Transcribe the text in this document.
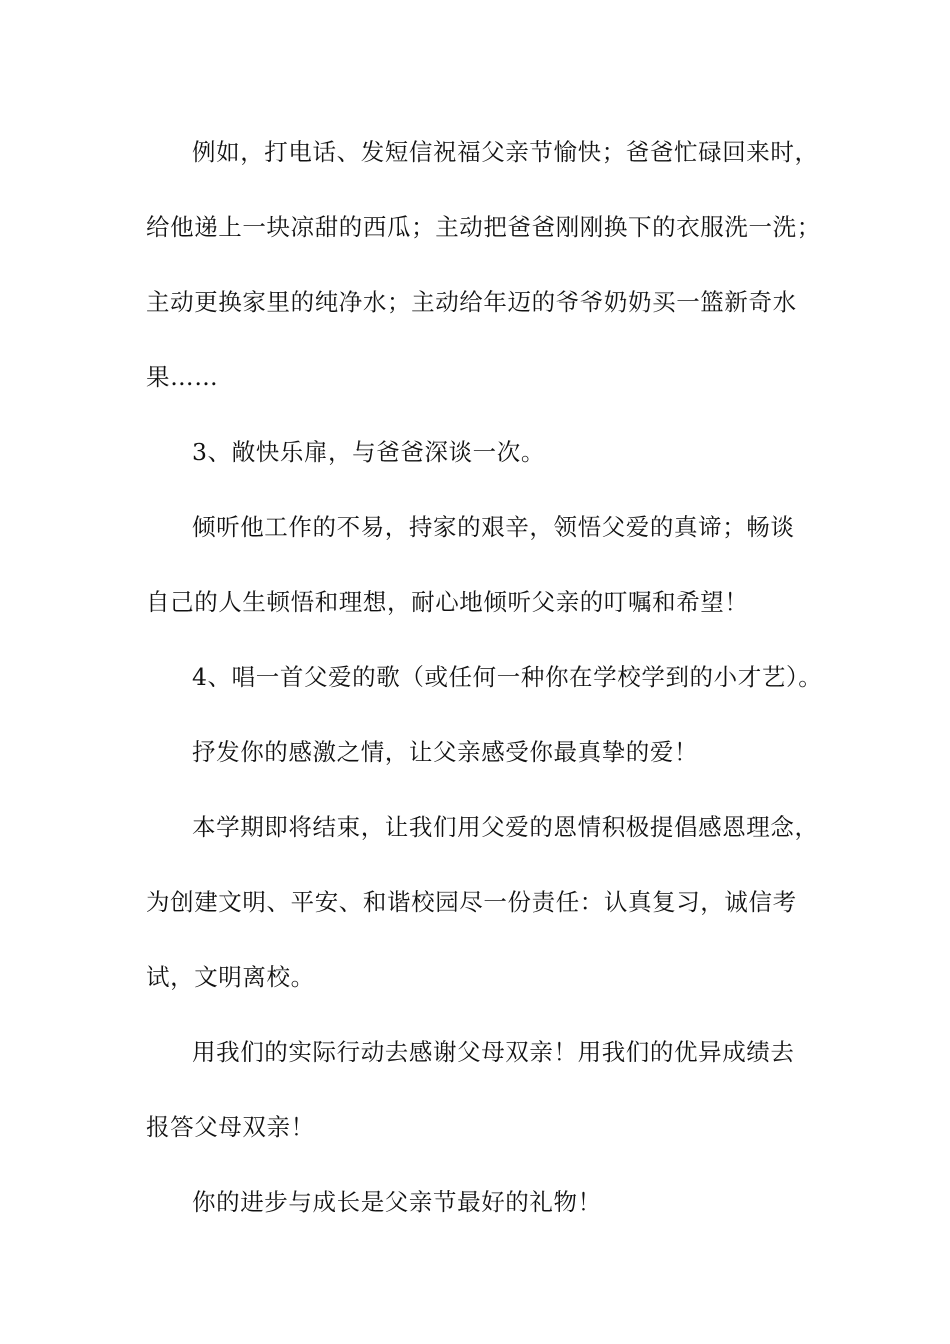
例如，打电话、发短信祝福父亲节愉快；爸爸忙碌回来时，
给他递上一块凉甜的西瓜；主动把爸爸刚刚换下的衣服洗一洗；
主动更换家里的纯净水；主动给年迈的爷爷奶奶买一篮新奇水
果……
3、敞快乐扉，与爸爸深谈一次。
倾听他工作的不易，持家的艰辛，领悟父爱的真谛；畅谈
自己的人生顿悟和理想，耐心地倾听父亲的叮嘱和希望！
4、唱一首父爱的歌（或任何一种你在学校学到的小才艺）。
抒发你的感激之情，让父亲感受你最真挚的爱！
本学期即将结束，让我们用父爱的恩情积极提倡感恩理念，
为创建文明、平安、和谐校园尽一份责任：认真复习，诚信考
试，文明离校。
用我们的实际行动去感谢父母双亲！用我们的优异成绩去
报答父母双亲！
你的进步与成长是父亲节最好的礼物！
